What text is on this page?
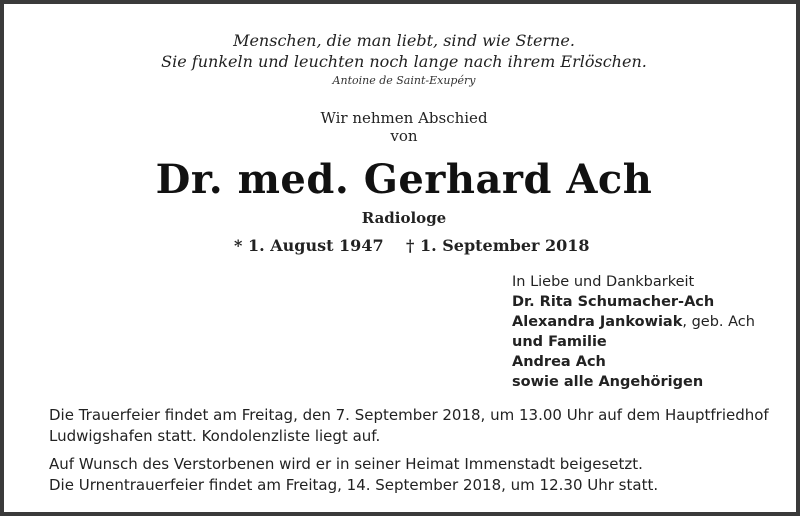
Menschen, die man liebt, sind wie Sterne.
Sie funkeln und leuchten noch lange nach ihrem Erlöschen.
Antoine de Saint-Exupéry
Wir nehmen Abschied
von
Dr. med. Gerhard Ach
Radiologe
* 1. August 1947 † 1. September 2018
In Liebe und Dankbarkeit
Dr. Rita Schumacher-Ach
Alexandra Jankowiak, geb. Ach
und Familie
Andrea Ach
sowie alle Angehörigen
Die Trauerfeier findet am Freitag, den 7. September 2018, um 13.00 Uhr auf dem Hauptfriedhof
Ludwigshafen statt. Kondolenzliste liegt auf.
Auf Wunsch des Verstorbenen wird er in seiner Heimat Immenstadt beigesetzt.
Die Urnentrauerfeier findet am Freitag, 14. September 2018, um 12.30 Uhr statt.
